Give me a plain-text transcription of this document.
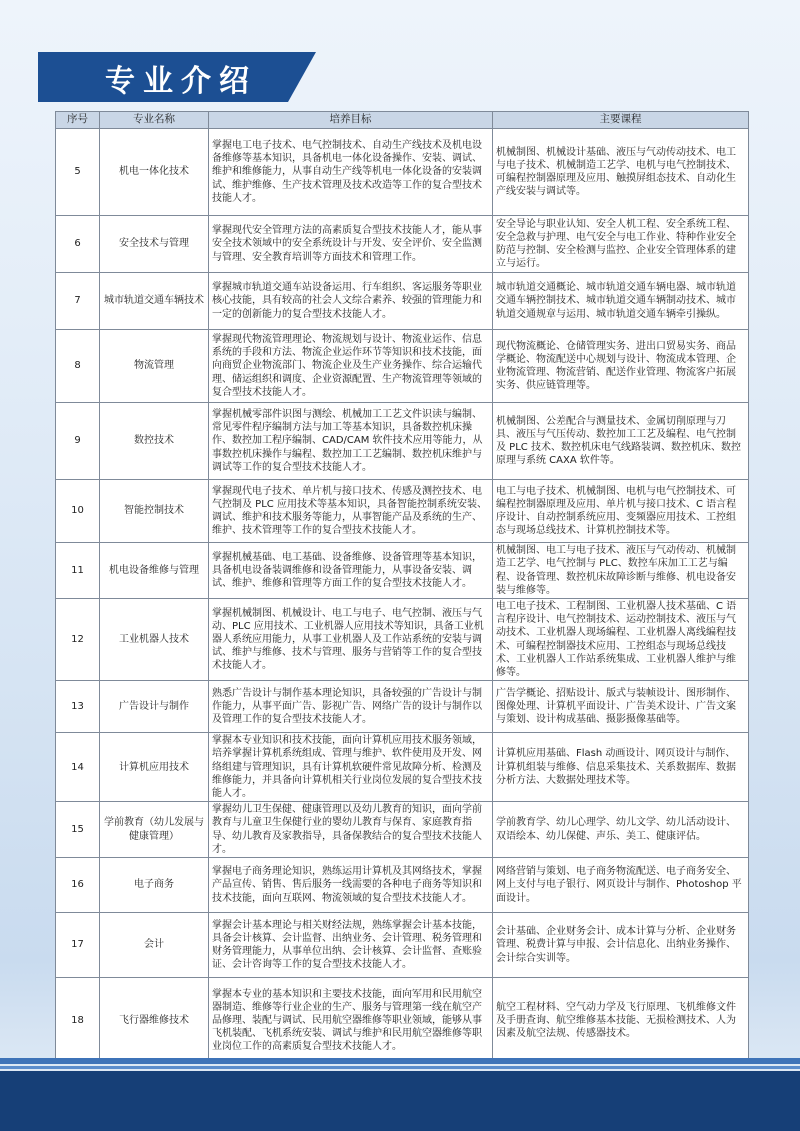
专业介绍
序号	专业名称	培养目标	主要课程
5	机电一体化技术	掌握电工电子技术、电气控制技术、自动生产线技术及机电设备维修等基本知识，具备机电一体化设备操作、安装、调试、维护和维修能力，从事自动生产线等机电一体化设备的安装调试、维护维修、生产技术管理及技术改造等工作的复合型技术技能人才。	机械制图、机械设计基础、液压与气动传动技术、电工与电子技术、机械制造工艺学、电机与电气控制技术、可编程控制器原理及应用、触摸屏组态技术、自动化生产线安装与调试等。
6	安全技术与管理	掌握现代安全管理方法的高素质复合型技术技能人才，能从事安全技术领域中的安全系统设计与开发、安全评价、安全监测与管理、安全教育培训等方面技术和管理工作。	安全导论与职业认知、安全人机工程、安全系统工程、安全急救与护理、电气安全与电工作业、特种作业安全防范与控制、安全检测与监控、企业安全管理体系的建立与运行。
7	城市轨道交通车辆技术	掌握城市轨道交通车站设备运用、行车组织、客运服务等职业核心技能，具有较高的社会人文综合素养、较强的管理能力和一定的创新能力的复合型技术技能人才。	城市轨道交通概论、城市轨道交通车辆电器、城市轨道交通车辆控制技术、城市轨道交通车辆制动技术、城市轨道交通规章与运用、城市轨道交通车辆牵引操纵。
8	物流管理	掌握现代物流管理理论、物流规划与设计、物流业运作、信息系统的手段和方法、物流企业运作环节等知识和技术技能，面向商贸企业物流部门、物流企业及生产业务操作、综合运输代理、储运组织和调度、企业资源配置、生产物流管理等领域的复合型技术技能人才。	现代物流概论、仓储管理实务、进出口贸易实务、商品学概论、物流配送中心规划与设计、物流成本管理、企业物流管理、物流营销、配送作业管理、物流客户拓展实务、供应链管理等。
9	数控技术	掌握机械零部件识图与测绘、机械加工工艺文件识读与编制、常见零件程序编制方法与加工等基本知识，具备数控机床操作、数控加工程序编制、CAD/CAM 软件技术应用等能力，从事数控机床操作与编程、数控加工工艺编制、数控机床维护与调试等工作的复合型技术技能人才。	机械制图、公差配合与测量技术、金属切削原理与刀具、液压与气压传动、数控加工工艺及编程、电气控制及 PLC 技术、数控机床电气线路装调、数控机床、数控原理与系统 CAXA 软件等。
10	智能控制技术	掌握现代电子技术、单片机与接口技术、传感及测控技术、电气控制及 PLC 应用技术等基本知识，具备智能控制系统安装、调试、维护和技术服务等能力，从事智能产品及系统的生产、维护、技术管理等工作的复合型技术技能人才。	电工与电子技术、机械制图、电机与电气控制技术、可编程控制器原理及应用、单片机与接口技术、C 语言程序设计、自动控制系统应用、变频器应用技术、工控组态与现场总线技术、计算机控制技术等。
11	机电设备维修与管理	掌握机械基础、电工基础、设备维修、设备管理等基本知识，具备机电设备装调维修和设备管理能力，从事设备安装、调试、维护、维修和管理等方面工作的复合型技术技能人才。	机械制图、电工与电子技术、液压与气动传动、机械制造工艺学、电气控制与 PLC、数控车床加工工艺与编程、设备管理、数控机床故障诊断与维修、机电设备安装与维修等。
12	工业机器人技术	掌握机械制图、机械设计、电工与电子、电气控制、液压与气动、PLC 应用技术、工业机器人应用技术等知识，具备工业机器人系统应用能力，从事工业机器人及工作站系统的安装与调试、维护与维修、技术与管理、服务与营销等工作的复合型技术技能人才。	电工电子技术、工程制图、工业机器人技术基础、C 语言程序设计、电气控制技术、运动控制技术、液压与气动技术、工业机器人现场编程、工业机器人离线编程技术、可编程控制器技术应用、工控组态与现场总线技术、工业机器人工作站系统集成、工业机器人维护与维修等。
13	广告设计与制作	熟悉广告设计与制作基本理论知识，具备较强的广告设计与制作能力，从事平面广告、影视广告、网络广告的设计与制作以及管理工作的复合型技术技能人才。	广告学概论、招贴设计、版式与装帧设计、图形制作、图像处理、计算机平面设计、广告美术设计、广告文案与策划、设计构成基础、摄影摄像基础等。
14	计算机应用技术	掌握本专业知识和技术技能，面向计算机应用技术服务领域，培养掌握计算机系统组成、管理与维护、软件使用及开发、网络组建与管理知识，具有计算机软硬件常见故障分析、检测及维修能力，并具备向计算机相关行业岗位发展的复合型技术技能人才。	计算机应用基础、Flash 动画设计、网页设计与制作、计算机组装与维修、信息采集技术、关系数据库、数据分析方法、大数据处理技术等。
15	学前教育（幼儿发展与健康管理）	掌握幼儿卫生保健、健康管理以及幼儿教育的知识，面向学前教育与儿童卫生保健行业的婴幼儿教育与保育、家庭教育指导、幼儿教育及家教指导，具备保教结合的复合型技术技能人才。	学前教育学、幼儿心理学、幼儿文学、幼儿活动设计、双语绘本、幼儿保健、声乐、美工、健康评估。
16	电子商务	掌握电子商务理论知识，熟练运用计算机及其网络技术，掌握产品宣传、销售、售后服务一线需要的各种电子商务等知识和技术技能，面向互联网、物流领域的复合型技术技能人才。	网络营销与策划、电子商务物流配送、电子商务安全、网上支付与电子银行、网页设计与制作、Photoshop 平面设计。
17	会计	掌握会计基本理论与相关财经法规，熟练掌握会计基本技能，具备会计核算、会计监督、出纳业务、会计管理、税务管理和财务管理能力，从事单位出纳、会计核算、会计监督、查账验证、会计咨询等工作的复合型技术技能人才。	会计基础、企业财务会计、成本计算与分析、企业财务管理、税费计算与申报、会计信息化、出纳业务操作、会计综合实训等。
18	飞行器维修技术	掌握本专业的基本知识和主要技术技能，面向军用和民用航空器制造、维修等行业企业的生产、服务与管理第一线在航空产品修理、装配与调试、民用航空器维修等职业领域，能够从事飞机装配、飞机系统安装、调试与维护和民用航空器维修等职业岗位工作的高素质复合型技术技能人才。	航空工程材料、空气动力学及飞行原理、飞机维修文件及手册查询、航空维修基本技能、无损检测技术、人为因素及航空法规、传感器技术。
